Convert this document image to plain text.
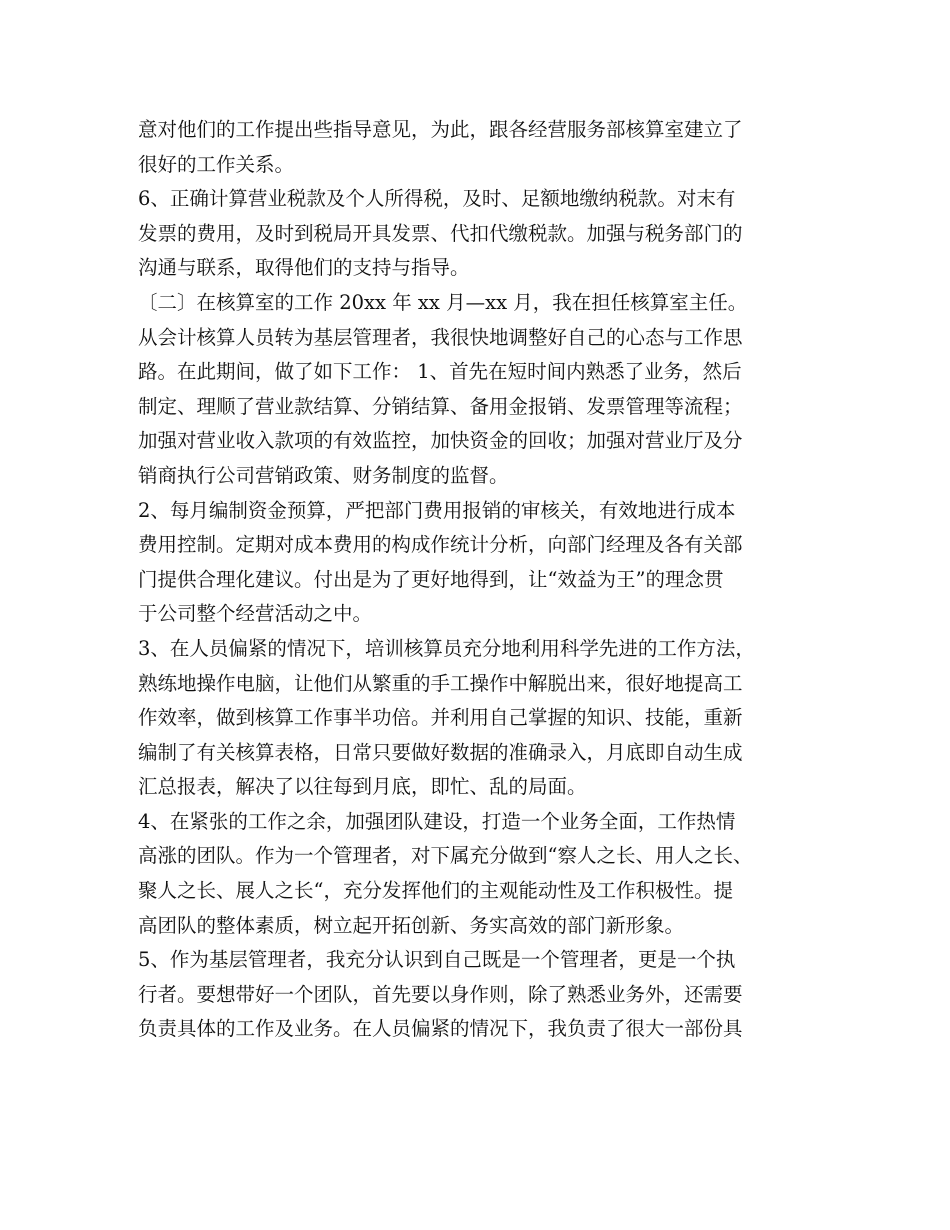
意对他们的工作提出些指导意见，为此，跟各经营服务部核算室建立了
很好的工作关系。
6、正确计算营业税款及个人所得税，及时、足额地缴纳税款。对末有
发票的费用，及时到税局开具发票、代扣代缴税款。加强与税务部门的
沟通与联系，取得他们的支持与指导。
〔二〕在核算室的工作 20xx 年 xx 月—xx 月，我在担任核算室主任。
从会计核算人员转为基层管理者，我很快地调整好自己的心态与工作思
路。在此期间，做了如下工作： 1、首先在短时间内熟悉了业务，然后
制定、理顺了营业款结算、分销结算、备用金报销、发票管理等流程；
加强对营业收入款项的有效监控，加快资金的回收；加强对营业厅及分
销商执行公司营销政策、财务制度的监督。
2、每月编制资金预算，严把部门费用报销的审核关，有效地进行成本
费用控制。定期对成本费用的构成作统计分析，向部门经理及各有关部
门提供合理化建议。付出是为了更好地得到，让“效益为王”的理念贯
于公司整个经营活动之中。
3、在人员偏紧的情况下，培训核算员充分地利用科学先进的工作方法，
熟练地操作电脑，让他们从繁重的手工操作中解脱出来，很好地提高工
作效率，做到核算工作事半功倍。并利用自己掌握的知识、技能，重新
编制了有关核算表格，日常只要做好数据的准确录入，月底即自动生成
汇总报表，解决了以往每到月底，即忙、乱的局面。
4、在紧张的工作之余，加强团队建设，打造一个业务全面，工作热情
高涨的团队。作为一个管理者，对下属充分做到“察人之长、用人之长、
聚人之长、展人之长“，充分发挥他们的主观能动性及工作积极性。提
高团队的整体素质，树立起开拓创新、务实高效的部门新形象。
5、作为基层管理者，我充分认识到自己既是一个管理者，更是一个执
行者。要想带好一个团队，首先要以身作则，除了熟悉业务外，还需要
负责具体的工作及业务。在人员偏紧的情况下，我负责了很大一部份具
